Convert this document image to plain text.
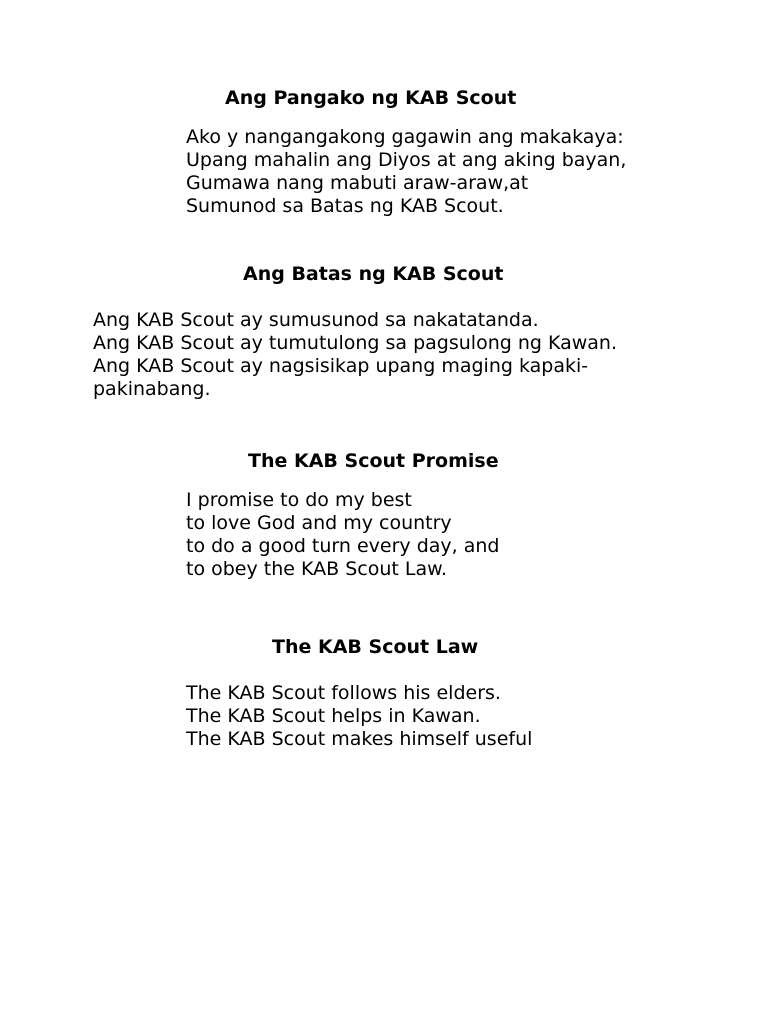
Ang Pangako ng KAB Scout
Ako y nangangakong gagawin ang makakaya:
Upang mahalin ang Diyos at ang aking bayan,
Gumawa nang mabuti araw-araw,at
Sumunod sa Batas ng KAB Scout.
Ang Batas ng KAB Scout
Ang KAB Scout ay sumusunod sa nakatatanda.
Ang KAB Scout ay tumutulong sa pagsulong ng Kawan.
Ang KAB Scout ay nagsisikap upang maging kapaki-
pakinabang.
The KAB Scout Promise
I promise to do my best
to love God and my country
to do a good turn every day, and
to obey the KAB Scout Law.
The KAB Scout Law
The KAB Scout follows his elders.
The KAB Scout helps in Kawan.
The KAB Scout makes himself useful
